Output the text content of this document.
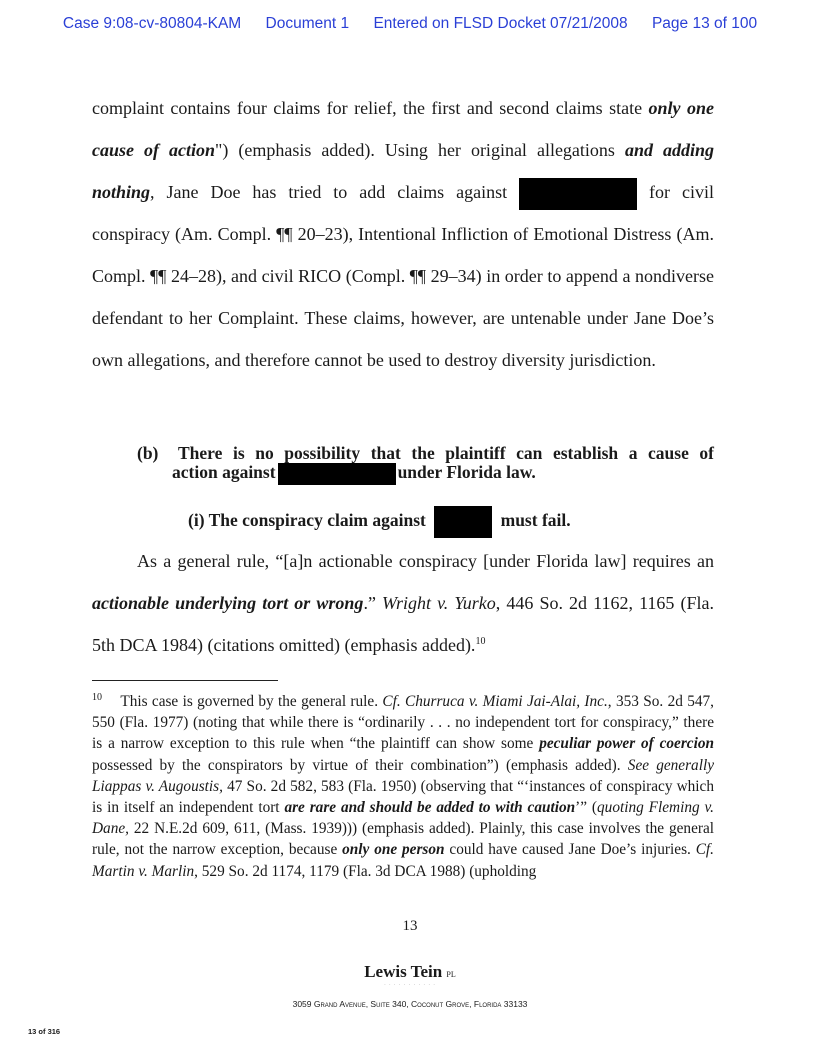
Case 9:08-cv-80804-KAM Document 1 Entered on FLSD Docket 07/21/2008 Page 13 of 100
complaint contains four claims for relief, the first and second claims state only one cause of action") (emphasis added). Using her original allegations and adding nothing, Jane Doe has tried to add claims against	for civil conspiracy (Am. Compl. ¶¶ 20–23), Intentional Infliction of Emotional Distress (Am. Compl. ¶¶ 24–28), and civil RICO (Compl. ¶¶ 29–34) in order to append a nondiverse defendant to her Complaint. These claims, however, are untenable under Jane Doe’s own allegations, and therefore cannot be used to destroy diversity jurisdiction.
(b) There is no possibility that the plaintiff can establish a cause of
action against	under Florida law.
(i) The conspiracy claim against	must fail.
As a general rule, “[a]n actionable conspiracy [under Florida law] requires an actionable underlying tort or wrong.” Wright v. Yurko, 446 So. 2d 1162, 1165 (Fla. 5th DCA 1984) (citations omitted) (emphasis added).$^{10}$
$^{10}$ This case is governed by the general rule. Cf. Churruca v. Miami Jai-Alai, Inc., 353 So. 2d 547, 550 (Fla. 1977) (noting that while there is “ordinarily . . . no independent tort for conspiracy,” there is a narrow exception to this rule when “the plaintiff can show some peculiar power of coercion possessed by the conspirators by virtue of their combination”) (emphasis added). See generally Liappas v. Augoustis, 47 So. 2d 582, 583 (Fla. 1950) (observing that “‘instances of conspiracy which is in itself an independent tort are rare and should be added to with caution’” (quoting Fleming v. Dane, 22 N.E.2d 609, 611, (Mass. 1939))) (emphasis added). Plainly, this case involves the general rule, not the narrow exception, because only one person could have caused Jane Doe’s injuries. Cf. Martin v. Marlin, 529 So. 2d 1174, 1179 (Fla. 3d DCA 1988) (upholding
13
Lewis Tein PL
· · · · · · · · · · ·
3059 Grand Avenue, Suite 340, Coconut Grove, Florida 33133
13 of 316
